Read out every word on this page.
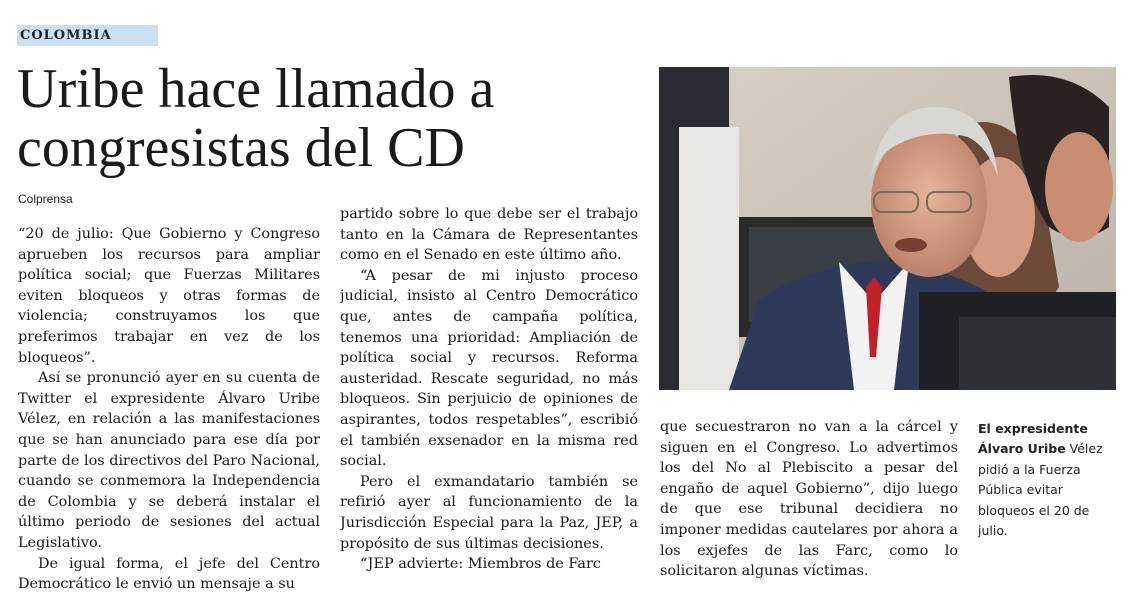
COLOMBIA
Uribe hace llamado a congresistas del CD
Colprensa

“20 de julio: Que Gobierno y Congreso aprueben los recursos para ampliar política social; que Fuerzas Militares eviten bloqueos y otras formas de violencia; construyamos los que preferimos trabajar en vez de los bloqueos”.

Así se pronunció ayer en su cuenta de Twitter el expresidente Álvaro Uribe Vélez, en relación a las manifestaciones que se han anunciado para ese día por parte de los directivos del Paro Nacional, cuando se conmemora la Independencia de Colombia y se deberá instalar el último periodo de sesiones del actual Legislativo.

De igual forma, el jefe del Centro Democrático le envió un mensaje a su

partido sobre lo que debe ser el trabajo tanto en la Cámara de Representantes como en el Senado en este último año.

“A pesar de mi injusto proceso judicial, insisto al Centro Democrático que, antes de campaña política, tenemos una prioridad: Ampliación de política social y recursos. Reforma austeridad. Rescate seguridad, no más bloqueos. Sin perjuicio de opiniones de aspirantes, todos respetables”, escribió el también exsenador en la misma red social.

Pero el exmandatario también se refirió ayer al funcionamiento de la Jurisdicción Especial para la Paz, JEP, a propósito de sus últimas decisiones.

“JEP advierte: Miembros de Farc

que secuestraron no van a la cárcel y siguen en el Congreso. Lo advertimos los del No al Plebiscito a pesar del engaño de aquel Gobierno”, dijo luego de que ese tribunal decidiera no imponer medidas cautelares por ahora a los exjefes de las Farc, como lo solicitaron algunas víctimas.

El expresidente Álvaro Uribe Vélez pidió a la Fuerza Pública evitar bloqueos el 20 de julio.
